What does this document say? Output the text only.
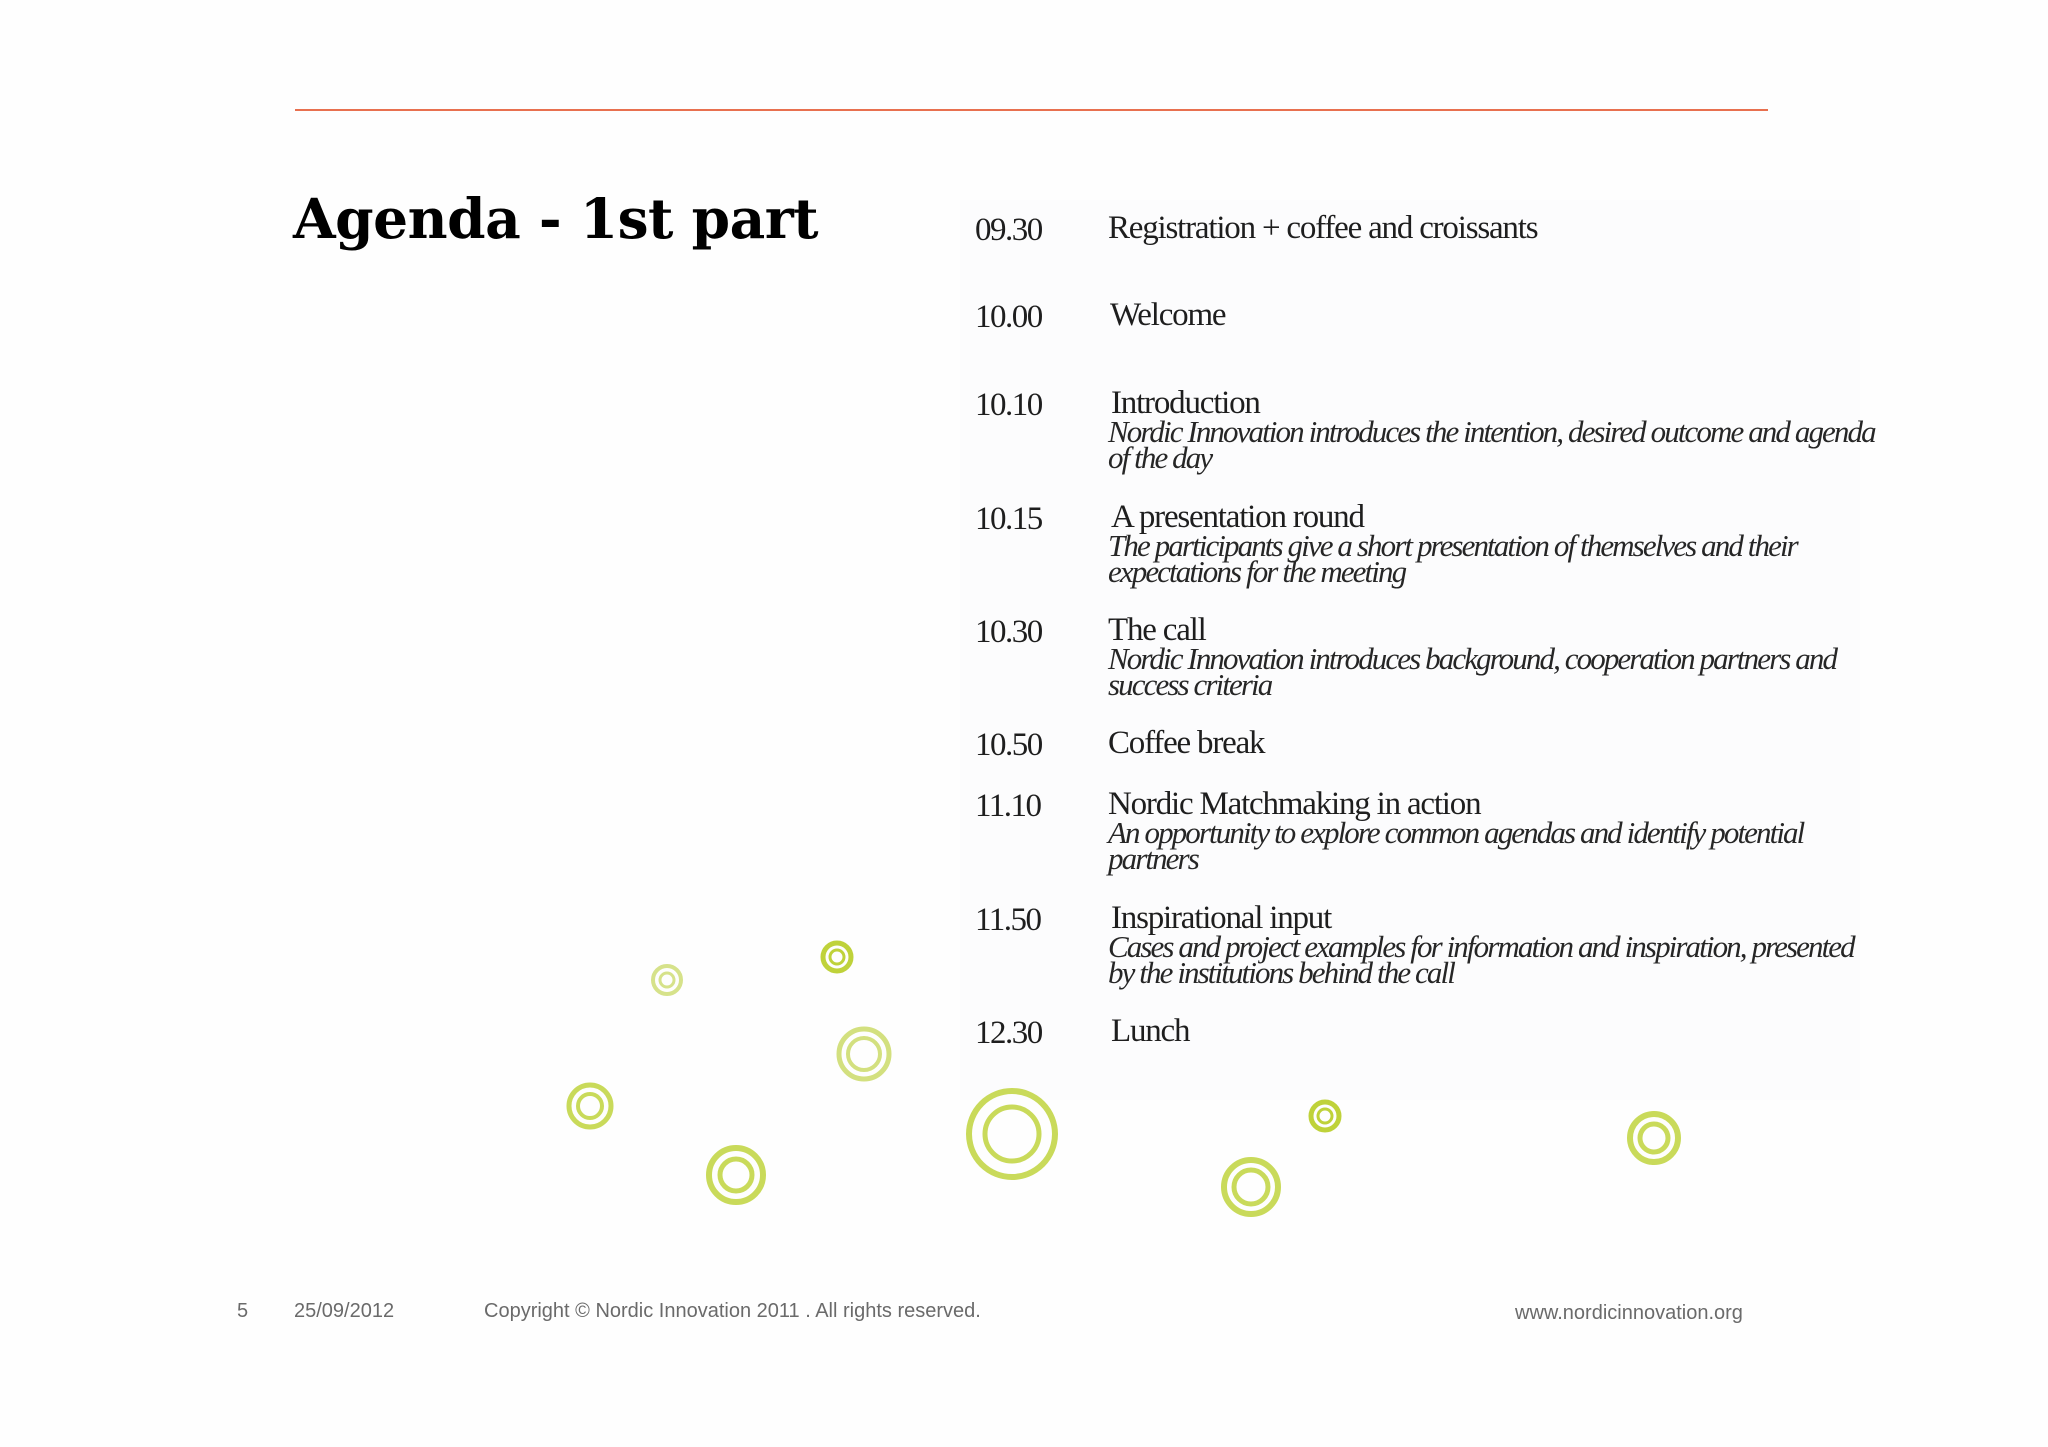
Agenda - 1st part	09.30 Registration + coffee and croissants
10.00 Welcome
10.10 Introduction
Nordic Innovation introduces the intention, desired outcome and agenda of the day
10.15 A presentation round
The participants give a short presentation of themselves and their expectations for the meeting
10.30 The call
Nordic Innovation introduces background, cooperation partners and success criteria
10.50 Coffee break
11.10 Nordic Matchmaking in action
An opportunity to explore common agendas and identify potential partners
11.50 Inspirational input
Cases and project examples for information and inspiration, presented by the institutions behind the call
12.30 Lunch
5 25/09/2012	Copyright © Nordic Innovation 2011 . All rights reserved.	www.nordicinnovation.org
